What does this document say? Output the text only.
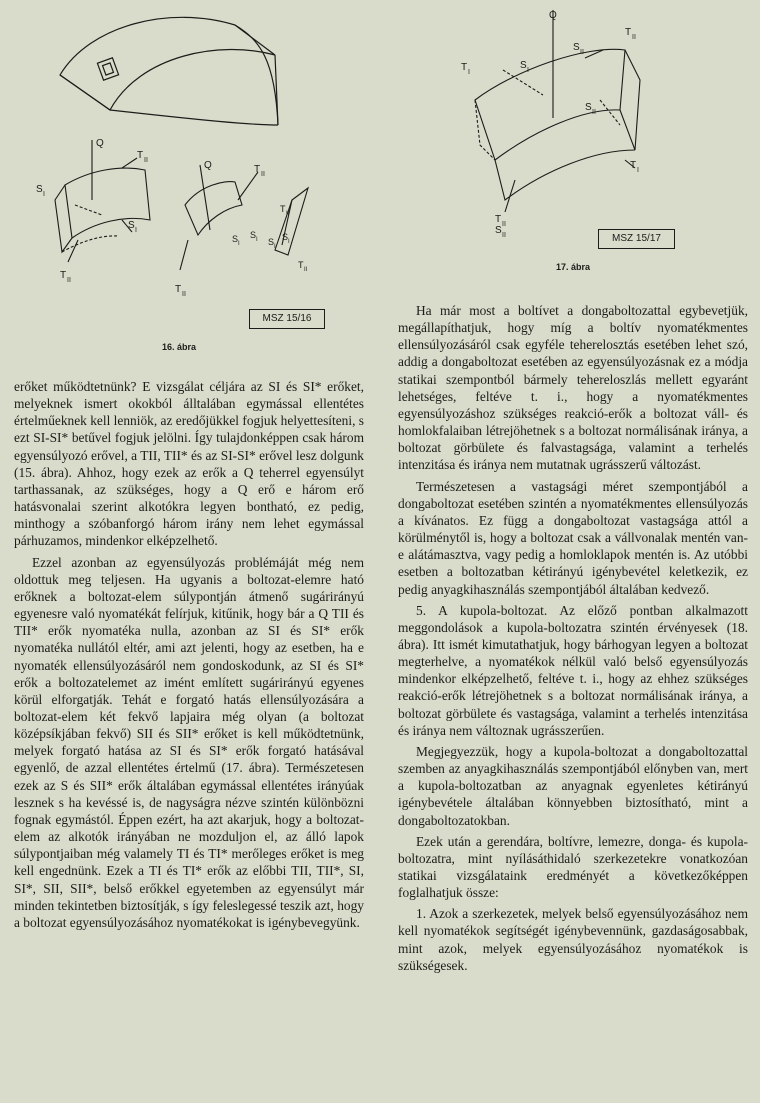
Q
T II
S I
S I
T II
Q	T II
T II
S I
S I S I
S I
T II
T II
MSZ 15/16
16. ábra
Q
T II
S II
T I
S I
S II
T I
T II
S II	MSZ 15/17
17. ábra

erőket működtetnünk? E vizsgálat céljára az SI és SI* erőket, melyeknek ismert okokból álltalában egymással ellentétes értelműeknek kell lenniök, az eredőjükkel fogjuk helyettesíteni, s ezt SI-SI* betűvel fogjuk jelölni. Így tulajdonképpen csak három egyensúlyozó erővel, a TII, TII* és az SI-SI* erővel lesz dolgunk (15. ábra). Ahhoz, hogy ezek az erők a Q teherrel egyensúlyt tarthassanak, az szükséges, hogy a Q erő e három erő hatásvonalai szerint alkotókra legyen bontható, ez pedig, minthogy a szóbanforgó három irány nem lehet egymással párhuzamos, mindenkor elképzelhető.

Ezzel azonban az egyensúlyozás problémáját még nem oldottuk meg teljesen. Ha ugyanis a boltozat-elemre ható erőknek a boltozat-elem súlypontján átmenő sugárirányú egyenesre való nyomatékát felírjuk, kitűnik, hogy bár a Q TII és TII* erők nyomatéka nulla, azonban az SI és SI* erők nyomatéka nullától eltér, ami azt jelenti, hogy az esetben, ha e nyomaték ellensúlyozásáról nem gondoskodunk, az SI és SI* erők a boltozatelemet az imént említett sugárirányú egyenes körül elforgatják. Tehát e forgató hatás ellensúlyozására a boltozat-elem két fekvő lapjaira még olyan (a boltozat középsíkjában fekvő) SII és SII* erőket is kell működtetnünk, melyek forgató hatása az SI és SI* erők forgató hatásával egyenlő, de azzal ellentétes értelmű (17. ábra). Természetesen ezek az S és SII* erők általában egymással ellentétes irányúak lesznek s ha kevéssé is, de nagyságra nézve szintén különbözni fognak egymástól. Éppen ezért, ha azt akarjuk, hogy a boltozat-elem az alkotók irányában ne mozduljon el, az álló lapok súlypontjaiban még valamely TI és TI* merőleges erőket is meg kell engednünk. Ezek a TI és TI* erők az előbbi TII, TII*, SI, SI*, SII, SII*, belső erőkkel egyetemben az egyensúlyt már minden tekintetben biztosítják, s így feleslegessé teszik azt, hogy a boltozat egyensúlyozásához nyomatékokat is igénybevegyünk.

Ha már most a boltívet a dongaboltozattal egybevetjük, megállapíthatjuk, hogy míg a boltív nyomatékmentes ellensúlyozásáról csak egyféle teherelosztás esetében lehet szó, addig a dongaboltozat esetében az egyensúlyozásnak ez a módja statikai szempontból bármely tehereloszlás mellett egyaránt lehetséges, feltéve t. i., hogy a nyomatékmentes egyensúlyozáshoz szükséges reakció-erők a boltozat váll- és homlokfalaiban létrejöhetnek s a boltozat normálisának iránya, a boltozat görbülete és falvastagsága, valamint a terhelés intenzitása és iránya nem mutatnak ugrásszerű változást.

Természetesen a vastagsági méret szempontjából a dongaboltozat esetében szintén a nyomatékmentes ellensúlyozás a kívánatos. Ez függ a dongaboltozat vastagsága attól a körülménytől is, hogy a boltozat csak a vállvonalak mentén van-e alátámasztva, vagy pedig a homloklapok mentén is. Az utóbbi esetben a boltozatban kétirányú igénybevétel keletkezik, ez pedig anyagkihasználás szempontjából általában kedvező.

5. A kupola-boltozat. Az előző pontban alkalmazott meggondolások a kupola-boltozatra szintén érvényesek (18. ábra). Itt ismét kimutathatjuk, hogy bárhogyan legyen a boltozat megterhelve, a nyomatékok nélkül való belső egyensúlyozás mindenkor elképzelhető, feltéve t. i., hogy az ehhez szükséges reakció-erők létrejöhetnek s a boltozat normálisának iránya, a boltozat görbülete és vastagsága, valamint a terhelés intenzitása és iránya nem változnak ugrásszerűen.

Megjegyezzük, hogy a kupola-boltozat a dongaboltozattal szemben az anyagkihasználás szempontjából előnyben van, mert a kupola-boltozatban az anyagnak egyenletes kétirányú igénybevétele általában könnyebben biztosítható, mint a dongaboltozatokban.

Ezek után a gerendára, boltívre, lemezre, donga- és kupola-boltozatra, mint nyílásáthidaló szerkezetekre vonatkozóan statikai vizsgálataink eredményét a következőképpen foglalhatjuk össze:

1. Azok a szerkezetek, melyek belső egyensúlyozásához nem kell nyomatékok segítségét igénybevennünk, gazdaságosabbak, mint azok, melyek egyensúlyozásához nyomatékok is szükségesek.
